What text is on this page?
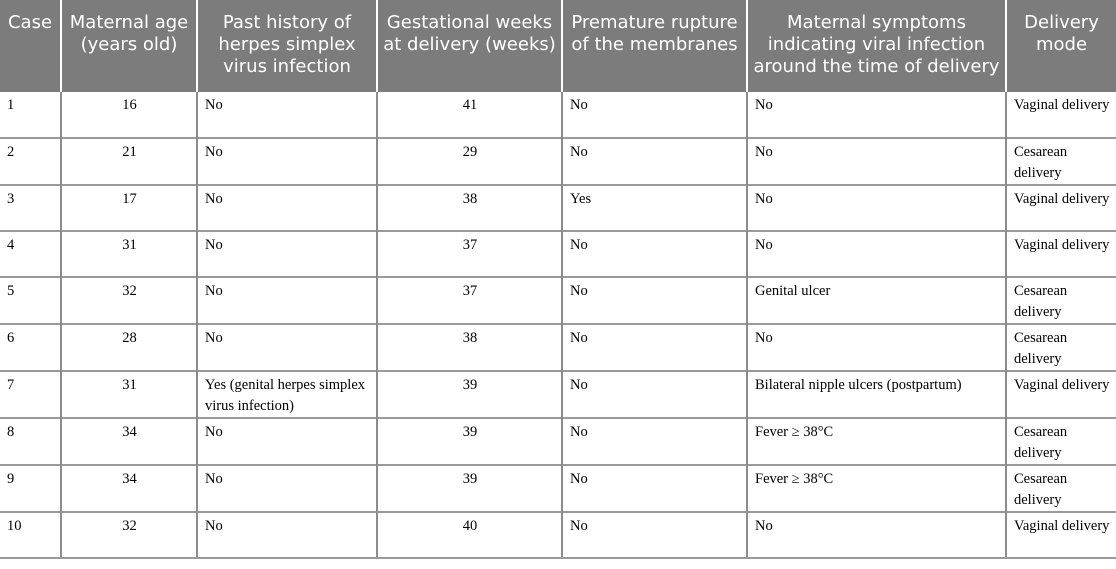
Case	Maternal age (years old)	Past history of herpes simplex virus infection	Gestational weeks at delivery (weeks)	Premature rupture of the membranes	Maternal symptoms indicating viral infection around the time of delivery	Delivery mode
1	16	No	41	No	No	Vaginal delivery
2	21	No	29	No	No	Cesarean delivery
3	17	No	38	Yes	No	Vaginal delivery
4	31	No	37	No	No	Vaginal delivery
5	32	No	37	No	Genital ulcer	Cesarean delivery
6	28	No	38	No	No	Cesarean delivery
7	31	Yes (genital herpes simplex virus infection)	39	No	Bilateral nipple ulcers (postpartum)	Vaginal delivery
8	34	No	39	No	Fever ≥ 38°C	Cesarean delivery
9	34	No	39	No	Fever ≥ 38°C	Cesarean delivery
10	32	No	40	No	No	Vaginal delivery
